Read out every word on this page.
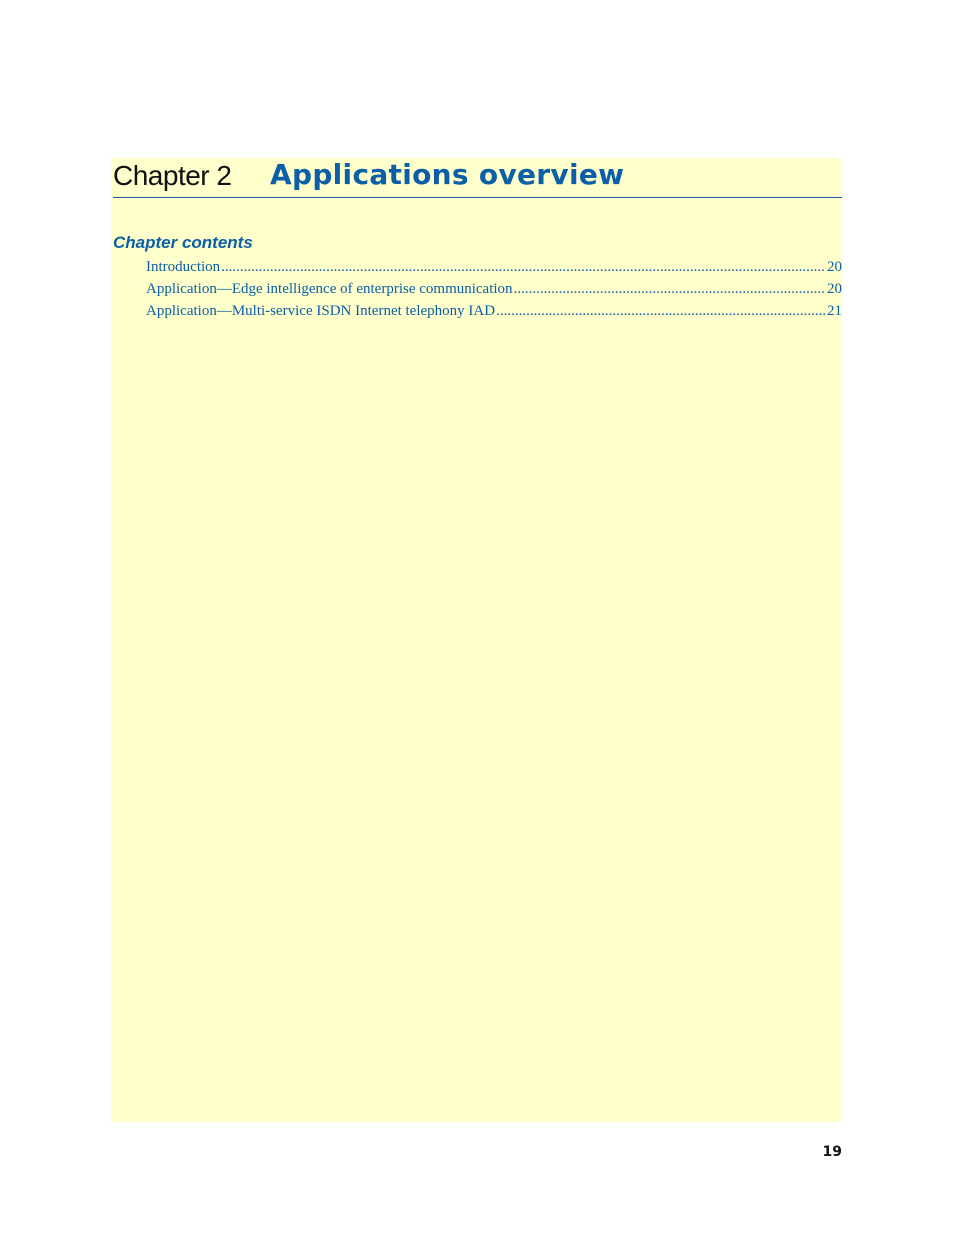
Chapter 2 Applications overview
Chapter contents
Introduction .....	20
Application—Edge intelligence of enterprise communication .....	20
Application—Multi-service ISDN Internet telephony IAD .....	21
19
